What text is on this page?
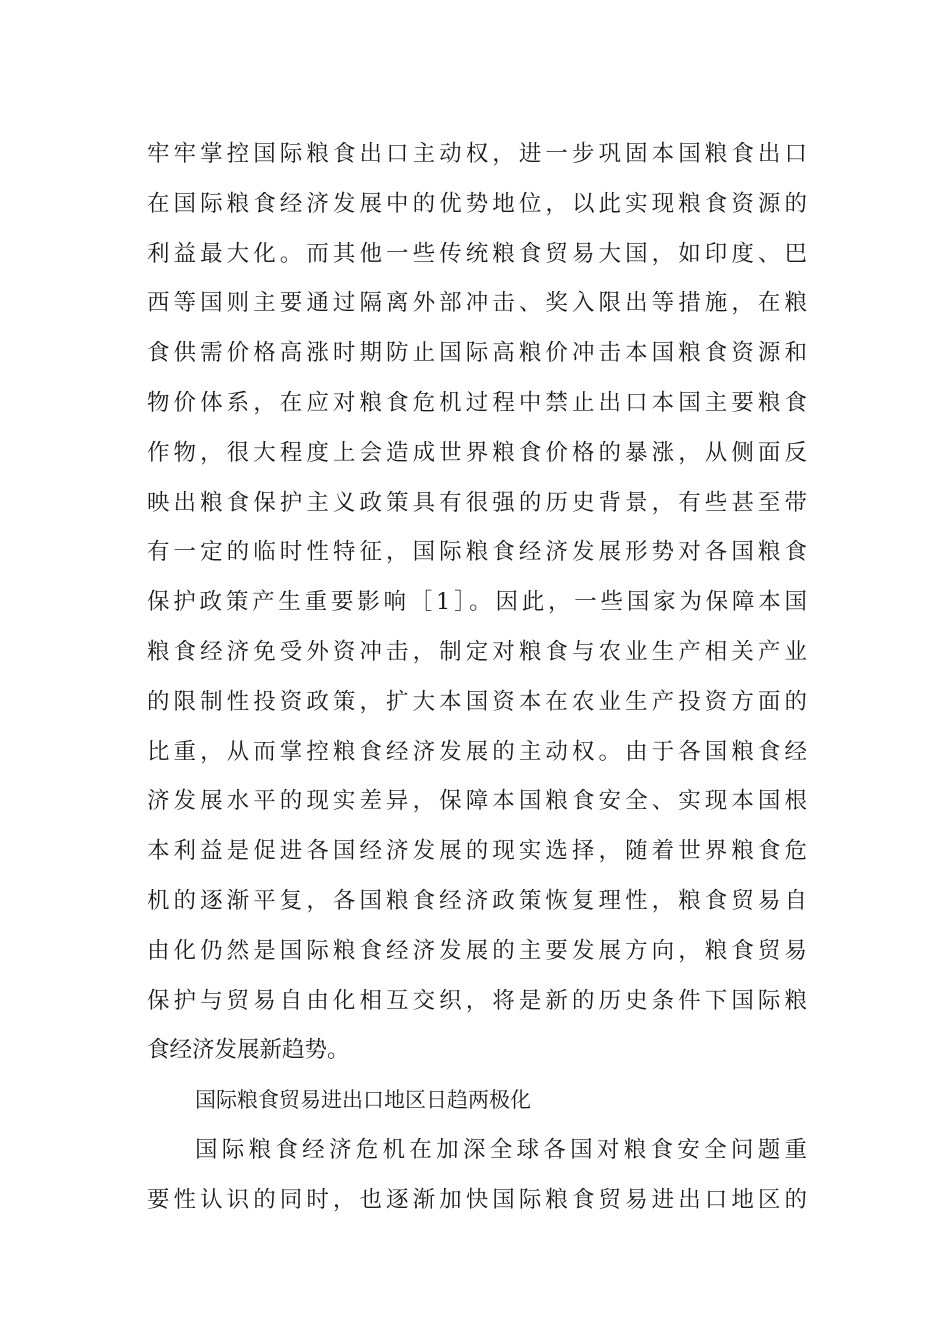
牢牢掌控国际粮食出口主动权，进一步巩固本国粮食出口
在国际粮食经济发展中的优势地位，以此实现粮食资源的
利益最大化。而其他一些传统粮食贸易大国，如印度、巴
西等国则主要通过隔离外部冲击、奖入限出等措施，在粮
食供需价格高涨时期防止国际高粮价冲击本国粮食资源和
物价体系，在应对粮食危机过程中禁止出口本国主要粮食
作物，很大程度上会造成世界粮食价格的暴涨，从侧面反
映出粮食保护主义政策具有很强的历史背景，有些甚至带
有一定的临时性特征，国际粮食经济发展形势对各国粮食
保护政策产生重要影响［1］。因此，一些国家为保障本国
粮食经济免受外资冲击，制定对粮食与农业生产相关产业
的限制性投资政策，扩大本国资本在农业生产投资方面的
比重，从而掌控粮食经济发展的主动权。由于各国粮食经
济发展水平的现实差异，保障本国粮食安全、实现本国根
本利益是促进各国经济发展的现实选择，随着世界粮食危
机的逐渐平复，各国粮食经济政策恢复理性，粮食贸易自
由化仍然是国际粮食经济发展的主要发展方向，粮食贸易
保护与贸易自由化相互交织，将是新的历史条件下国际粮
食经济发展新趋势。
国际粮食贸易进出口地区日趋两极化
国际粮食经济危机在加深全球各国对粮食安全问题重
要性认识的同时，也逐渐加快国际粮食贸易进出口地区的
